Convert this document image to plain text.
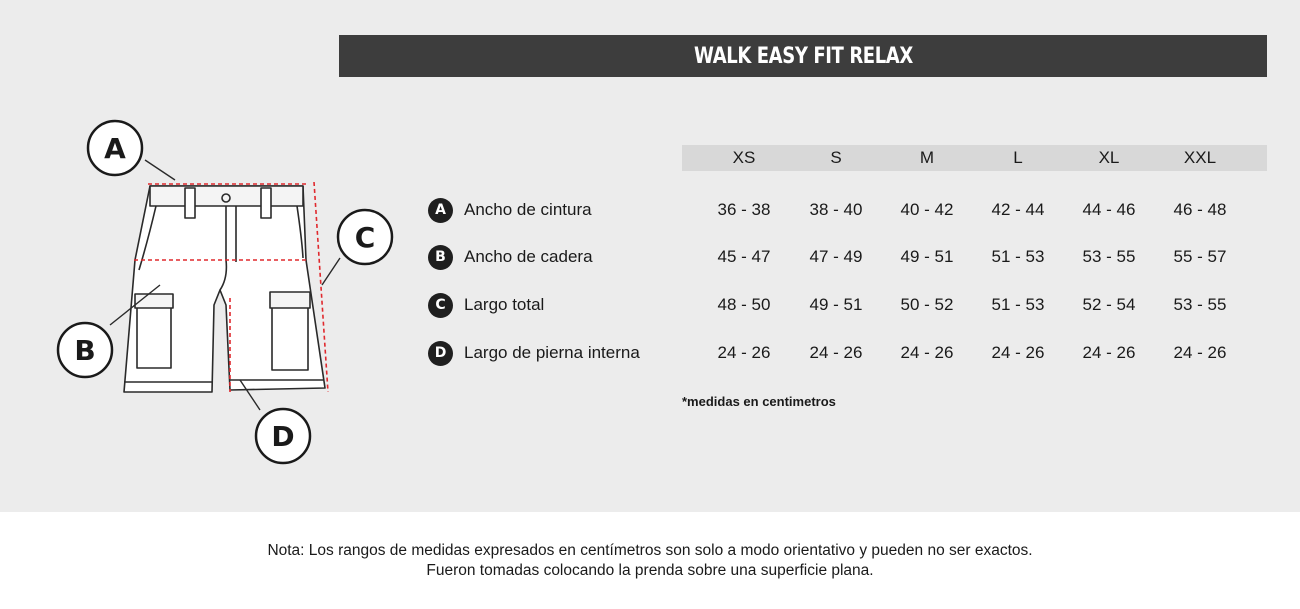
WALK EASY FIT RELAX
A
C
B
D
XS	S	M	L	XL	XXL
A	Ancho de cintura	36 - 38	38 - 40	40 - 42	42 - 44	44 - 46	46 - 48
B	Ancho de cadera	45 - 47	47 - 49	49 - 51	51 - 53	53 - 55	55 - 57
C	Largo total	48 - 50	49 - 51	50 - 52	51 - 53	52 - 54	53 - 55
D	Largo de pierna interna	24 - 26	24 - 26	24 - 26	24 - 26	24 - 26	24 - 26
*medidas en centimetros
Nota: Los rangos de medidas expresados en centímetros son solo a modo orientativo y pueden no ser exactos.
Fueron tomadas colocando la prenda sobre una superficie plana.
